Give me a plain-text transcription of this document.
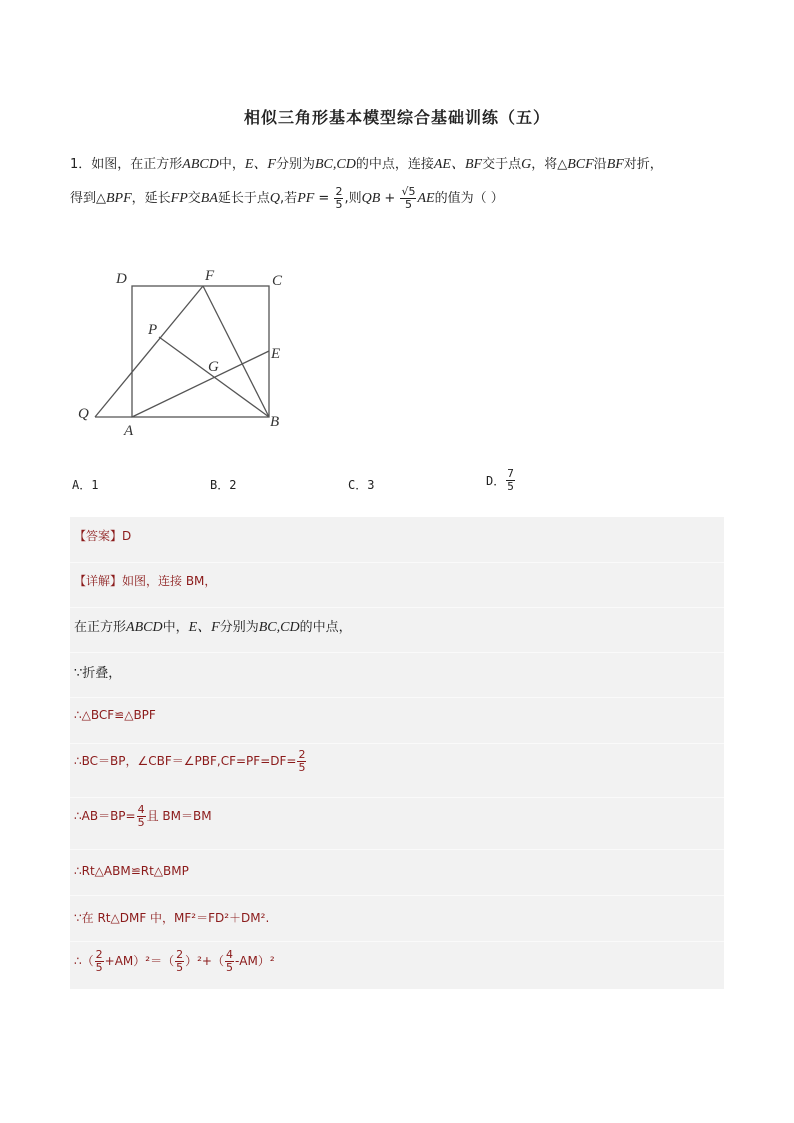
相似三角形基本模型综合基础训练（五）
1．如图，在正方形ABCD中，E、F分别为BC,CD的中点，连接AE、BF交于点G，将△BCF沿BF对折，
得到△BPF，延长FP交BA延长于点Q,若PF = $\frac{2}{5}$ ,则QB + $\frac{√5}{5}$ AE的值为（ ）
D	F	C
P
E
G
Q
A
B
A．1	B．2	C．3	D． $\frac{7}{5}$
【答案】D
【详解】如图，连接 BM，
在正方形ABCD中，E、F分别为BC,CD的中点，
∵折叠，
∴△BCF≌△BPF
∴BC＝BP，∠CBF＝∠PBF,CF=PF=DF= $\frac{2}{5}$
∴AB＝BP= $\frac{4}{5}$ 且 BM＝BM
∴Rt△ABM≌Rt△BMP
∵在 Rt△DMF 中，MF²＝FD²＋DM².
∴（ $\frac{2}{5} +AM)^2=( \frac{2}{5} )^2+( \frac{4}{5} -AM)^2$
